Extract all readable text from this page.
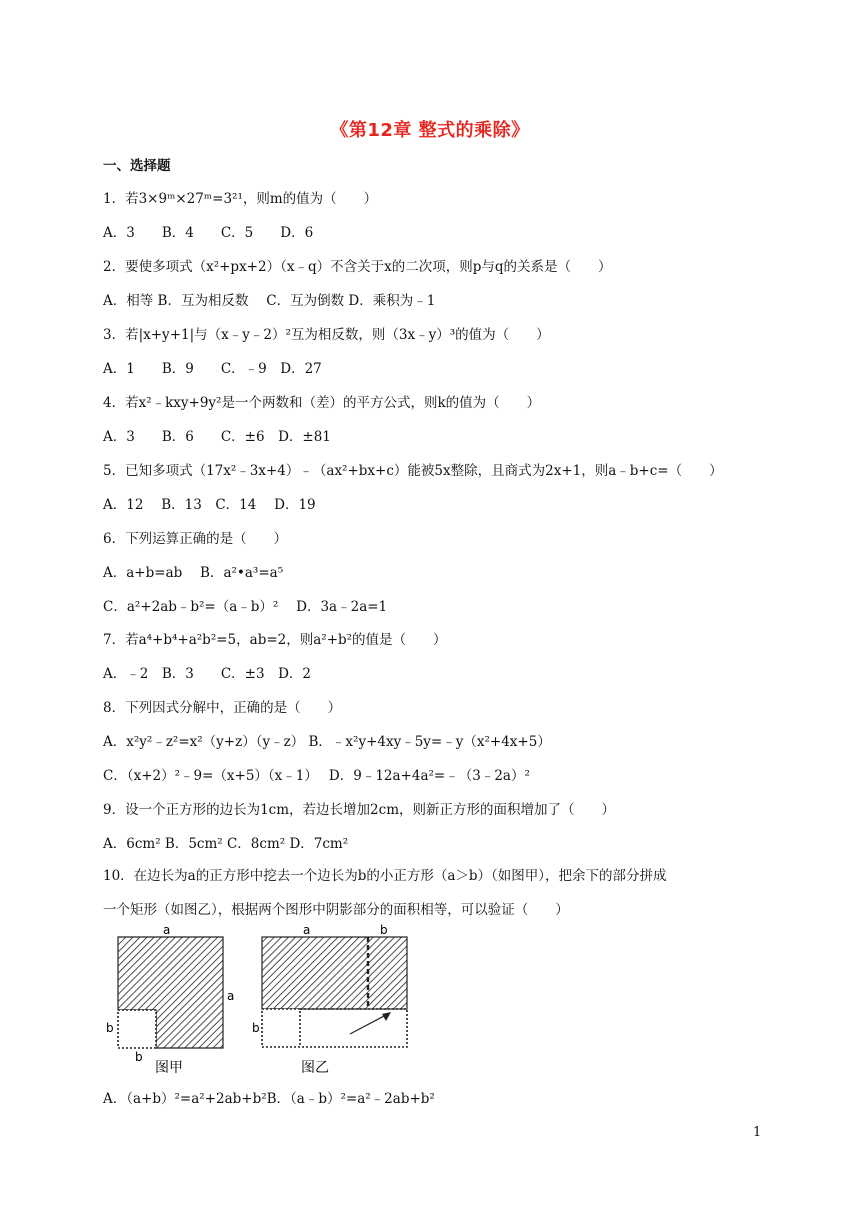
《第12章 整式的乘除》
一、选择题
1．若3×9ᵐ×27ᵐ=3²¹，则m的值为（　　）
A．3　　B．4　　C．5　　D．6
2．要使多项式（x²+px+2）（x﹣q）不含关于x的二次项，则p与q的关系是（　　）
A．相等 B．互为相反数　 C．互为倒数 D．乘积为﹣1
3．若|x+y+1|与（x﹣y﹣2）²互为相反数，则（3x﹣y）³的值为（　　）
A．1　　B．9　　C．﹣9　D．27
4．若x²﹣kxy+9y²是一个两数和（差）的平方公式，则k的值为（　　）
A．3　　B．6　　C．±6　D．±81
5．已知多项式（17x²﹣3x+4）﹣（ax²+bx+c）能被5x整除，且商式为2x+1，则a﹣b+c=（　　）
A．12　 B．13　C．14　 D．19
6．下列运算正确的是（　　）
A．a+b=ab　 B．a²•a³=a⁵
C．a²+2ab﹣b²=（a﹣b）²　 D．3a﹣2a=1
7．若a⁴+b⁴+a²b²=5，ab=2，则a²+b²的值是（　　）
A．﹣2　B．3　　C．±3　D．2
8．下列因式分解中，正确的是（　　）
A．x²y²﹣z²=x²（y+z）（y﹣z） B．﹣x²y+4xy﹣5y=﹣y（x²+4x+5）
C．（x+2）²﹣9=（x+5）（x﹣1）　 D．9﹣12a+4a²=﹣（3﹣2a）²
9．设一个正方形的边长为1cm，若边长增加2cm，则新正方形的面积增加了（　　）
A．6cm² B．5cm² C．8cm² D．7cm²
10．在边长为a的正方形中挖去一个边长为b的小正方形（a＞b）（如图甲），把余下的部分拼成
一个矩形（如图乙），根据两个图形中阴影部分的面积相等，可以验证（　　）
a
a
b
b
图甲
a	b
b
图乙
A．（a+b）²=a²+2ab+b²B．（a﹣b）²=a²﹣2ab+b²
1
